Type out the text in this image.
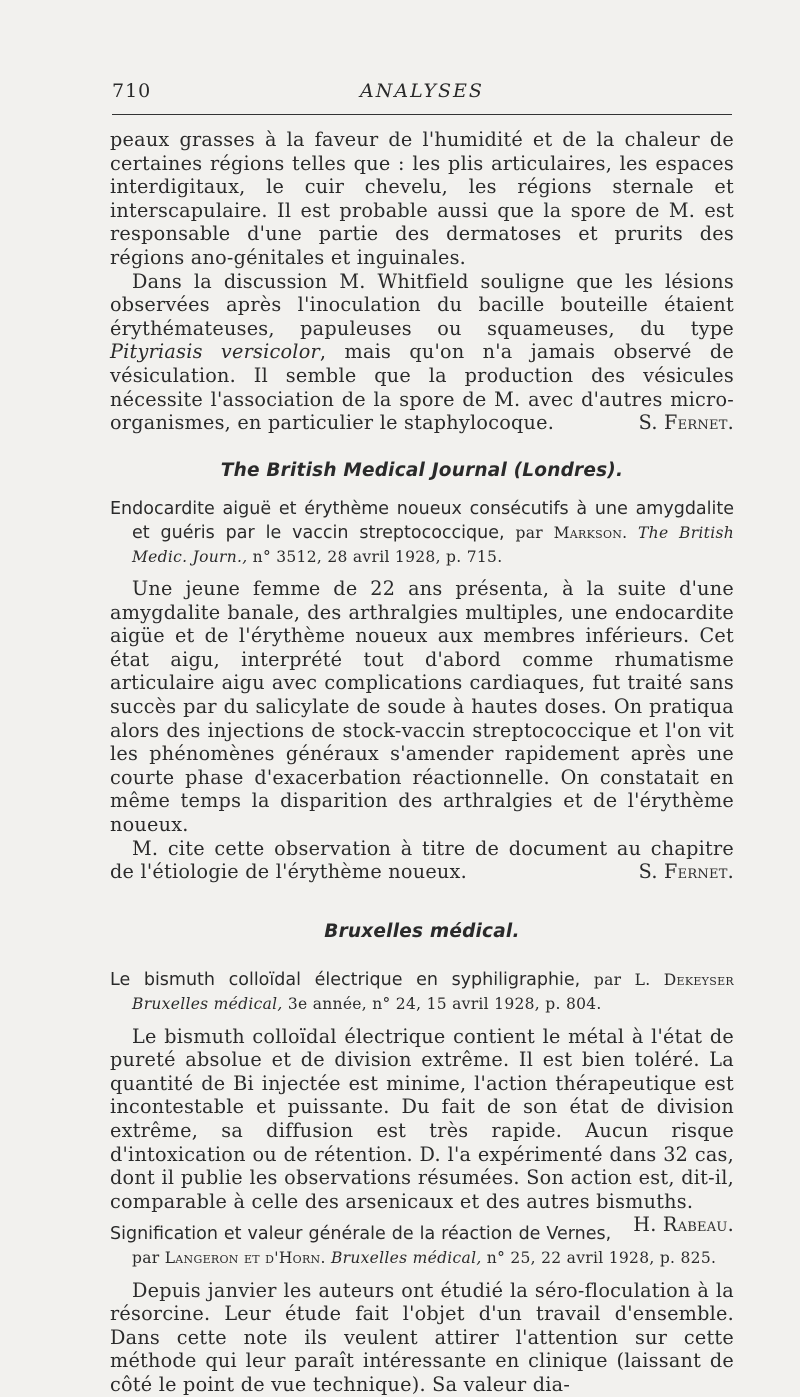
710	ANALYSES

peaux grasses à la faveur de l'humidité et de la chaleur de certaines régions telles que : les plis articulaires, les espaces interdigitaux, le cuir chevelu, les régions sternale et interscapulaire. Il est probable aussi que la spore de M. est responsable d'une partie des dermatoses et prurits des régions ano-génitales et inguinales.

Dans la discussion M. Whitfield souligne que les lésions observées après l'inoculation du bacille bouteille étaient érythémateuses, papuleuses ou squameuses, du type Pityriasis versicolor, mais qu'on n'a jamais observé de vésiculation. Il semble que la production des vésicules nécessite l'association de la spore de M. avec d'autres micro-organismes, en particulier le staphylocoque.	S. Fernet.

The British Medical Journal (Londres).

Endocardite aiguë et érythème noueux consécutifs à une amygdalite et guéris par le vaccin streptococcique, par Markson. The British Medic. Journ., n° 3512, 28 avril 1928, p. 715.

Une jeune femme de 22 ans présenta, à la suite d'une amygdalite banale, des arthralgies multiples, une endocardite aigüe et de l'érythème noueux aux membres inférieurs. Cet état aigu, interprété tout d'abord comme rhumatisme articulaire aigu avec complications cardiaques, fut traité sans succès par du salicylate de soude à hautes doses. On pratiqua alors des injections de stock-vaccin streptococcique et l'on vit les phénomènes généraux s'amender rapidement après une courte phase d'exacerbation réactionnelle. On constatait en même temps la disparition des arthralgies et de l'érythème noueux.

M. cite cette observation à titre de document au chapitre de l'étiologie de l'érythème noueux.	S. Fernet.

Bruxelles médical.

Le bismuth colloïdal électrique en syphiligraphie, par L. Dekeyser Bruxelles médical, 3e année, n° 24, 15 avril 1928, p. 804.

Le bismuth colloïdal électrique contient le métal à l'état de pureté absolue et de division extrême. Il est bien toléré. La quantité de Bi injectée est minime, l'action thérapeutique est incontestable et puissante. Du fait de son état de division extrême, sa diffusion est très rapide. Aucun risque d'intoxication ou de rétention. D. l'a expérimenté dans 32 cas, dont il publie les observations résumées. Son action est, dit-il, comparable à celle des arsenicaux et des autres bismuths.
H. Rabeau.

Signification et valeur générale de la réaction de Vernes, par Langeron et d'Horn. Bruxelles médical, n° 25, 22 avril 1928, p. 825.

Depuis janvier les auteurs ont étudié la séro-floculation à la résorcine. Leur étude fait l'objet d'un travail d'ensemble. Dans cette note ils veulent attirer l'attention sur cette méthode qui leur paraît intéressante en clinique (laissant de côté le point de vue technique). Sa valeur dia-
